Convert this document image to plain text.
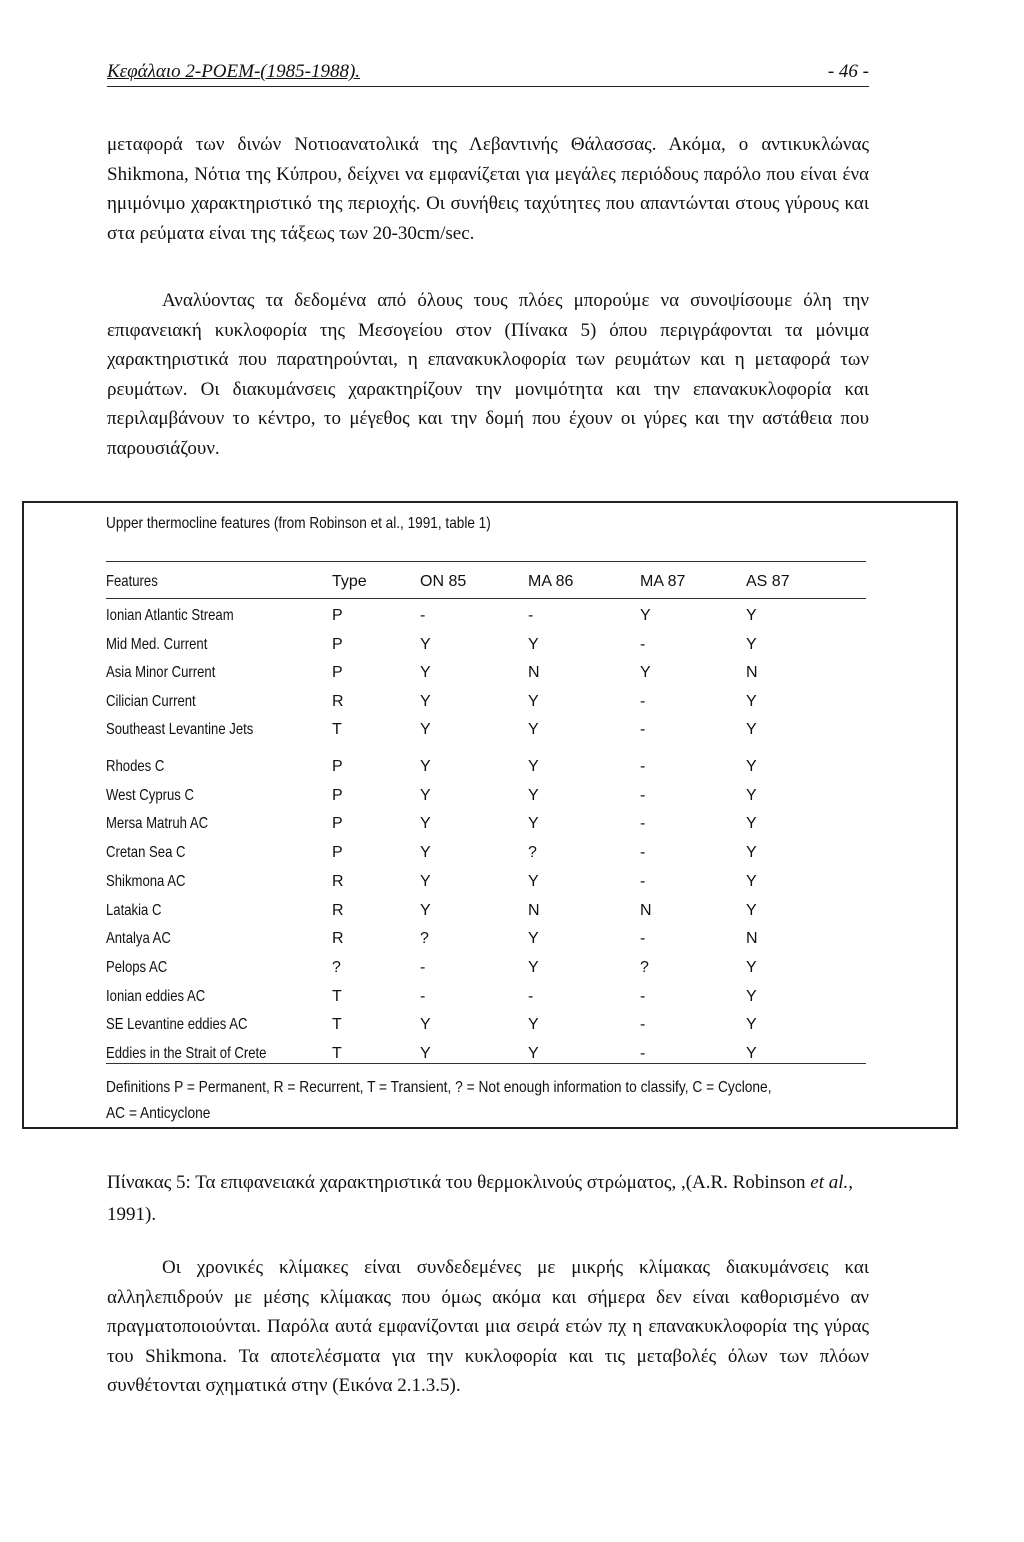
Κεφάλαιο 2-POEM-(1985-1988).	- 46 -

μεταφορά των δινών Νοτιοανατολικά της Λεβαντινής Θάλασσας. Ακόμα, ο αντικυκλώνας Shikmona, Νότια της Κύπρου, δείχνει να εμφανίζεται για μεγάλες περιόδους παρόλο που είναι ένα ημιμόνιμο χαρακτηριστικό της περιοχής. Οι συνήθεις ταχύτητες που απαντώνται στους γύρους και στα ρεύματα είναι της τάξεως των 20-30cm/sec.

Αναλύοντας τα δεδομένα από όλους τους πλόες μπορούμε να συνοψίσουμε όλη την επιφανειακή κυκλοφορία της Μεσογείου στον (Πίνακα 5) όπου περιγράφονται τα μόνιμα χαρακτηριστικά που παρατηρούνται, η επανακυκλοφορία των ρευμάτων και η μεταφορά των ρευμάτων. Οι διακυμάνσεις χαρακτηρίζουν την μονιμότητα και την επανακυκλοφορία και περιλαμβάνουν το κέντρο, το μέγεθος και την δομή που έχουν οι γύρες και την αστάθεια που παρουσιάζουν.

Upper thermocline features (from Robinson et al., 1991, table 1)
Features	Type	ON 85	MA 86	MA 87	AS 87
Ionian Atlantic Stream	P	-	-	Y	Y
Mid Med. Current	P	Y	Y	-	Y
Asia Minor Current	P	Y	N	Y	N
Cilician Current	R	Y	Y	-	Y
Southeast Levantine Jets	T	Y	Y	-	Y
Rhodes C	P	Y	Y	-	Y
West Cyprus C	P	Y	Y	-	Y
Mersa Matruh AC	P	Y	Y	-	Y
Cretan Sea C	P	Y	?	-	Y
Shikmona AC	R	Y	Y	-	Y
Latakia C	R	Y	N	N	Y
Antalya AC	R	?	Y	-	N
Pelops AC	?	-	Y	?	Y
Ionian eddies AC	T	-	-	-	Y
SE Levantine eddies AC	T	Y	Y	-	Y
Eddies in the Strait of Crete	T	Y	Y	-	Y
Definitions P = Permanent, R = Recurrent, T = Transient, ? = Not enough information to classify, C = Cyclone,
AC = Anticyclone

Πίνακας 5: Τα επιφανειακά χαρακτηριστικά του θερμοκλινούς στρώματος, ,(A.R. Robinson et al., 1991).

Οι χρονικές κλίμακες είναι συνδεδεμένες με μικρής κλίμακας διακυμάνσεις και αλληλεπιδρούν με μέσης κλίμακας που όμως ακόμα και σήμερα δεν είναι καθορισμένο αν πραγματοποιούνται. Παρόλα αυτά εμφανίζονται μια σειρά ετών πχ η επανακυκλοφορία της γύρας του Shikmona. Τα αποτελέσματα για την κυκλοφορία και τις μεταβολές όλων των πλόων συνθέτονται σχηματικά στην (Εικόνα 2.1.3.5).
